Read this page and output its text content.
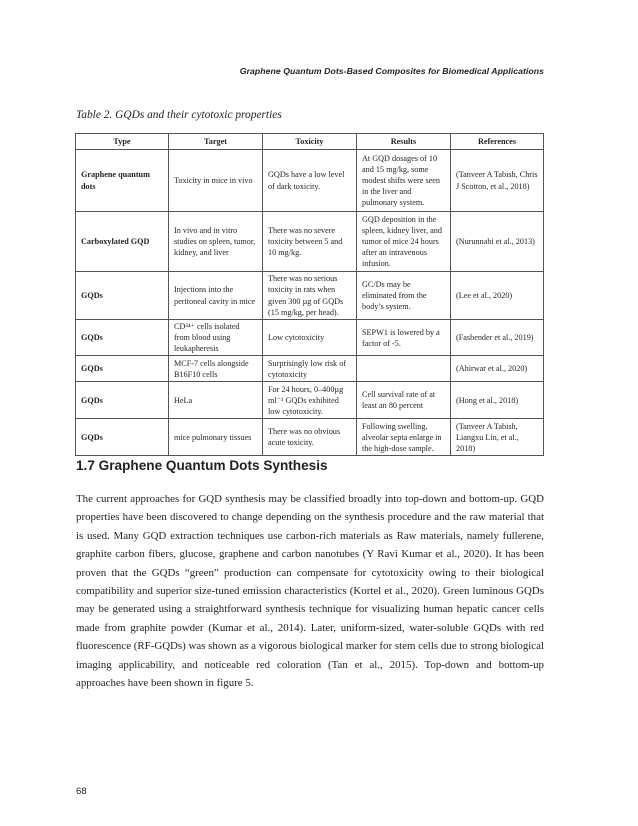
Graphene Quantum Dots-Based Composites for Biomedical Applications
Table 2. GQDs and their cytotoxic properties
Type	Target	Toxicity	Results	References
Graphene quantum dots	Toxicity in mice in vivo	GQDs have a low level of dark toxicity.	At GQD dosages of 10 and 15 mg/kg, some modest shifts were seen in the liver and pulmonary system.	(Tanveer A Tabish, Chris J Scotton, et al., 2018)
Carboxylated GQD	In vivo and in vitro studies on spleen, tumor, kidney, and liver	There was no severe toxicity between 5 and 10 mg/kg.	GQD deposition in the spleen, kidney liver, and tumor of mice 24 hours after an intravenous infusion.	(Nurunnabi et al., 2013)
GQDs	Injections into the peritoneal cavity in mice	There was no serious toxicity in rats when given 300 µg of GQDs (15 mg/kg, per head).	GC/Ds may be eliminated from the body’s system.	(Lee et al., 2020)
GQDs	CD³⁴⁺ cells isolated from blood using leukapheresis	Low cytotoxicity	SEPW1 is lowered by a factor of -5.	(Fasbender et al., 2019)
GQDs	MCF-7 cells alongside B16F10 cells	Surprisingly low risk of cytotoxicity		(Ahirwar et al., 2020)
GQDs	HeLa	For 24 hours, 0–400µg ml⁻¹ GQDs exhibited low cytotoxicity.	Cell survival rate of at least an 80 percent	(Hong et al., 2018)
GQDs	mice pulmonary tissues	There was no obvious acute toxicity.	Following swelling, alveolar septa enlarge in the high-dose sample.	(Tanveer A Tabish, Liangxu Lin, et al., 2018)
1.7 Graphene Quantum Dots Synthesis

The current approaches for GQD synthesis may be classified broadly into top-down and bottom-up. GQD properties have been discovered to change depending on the synthesis procedure and the raw material that is used. Many GQD extraction techniques use carbon-rich materials as Raw materials, namely fullerene, graphite carbon fibers, glucose, graphene and carbon nanotubes (Y Ravi Kumar et al., 2020). It has been proven that the GQDs “green” production can compensate for cytotoxicity owing to their biological compatibility and superior size-tuned emission characteristics (Kortel et al., 2020). Green luminous GQDs may be generated using a straightforward synthesis technique for visualizing human hepatic cancer cells made from graphite powder (Kumar et al., 2014). Later, uniform-sized, water-soluble GQDs with red fluorescence (RF-GQDs) was shown as a vigorous biological marker for stem cells due to strong biological imaging applicability, and noticeable red coloration (Tan et al., 2015). Top-down and bottom-up approaches have been shown in figure 5.

68
